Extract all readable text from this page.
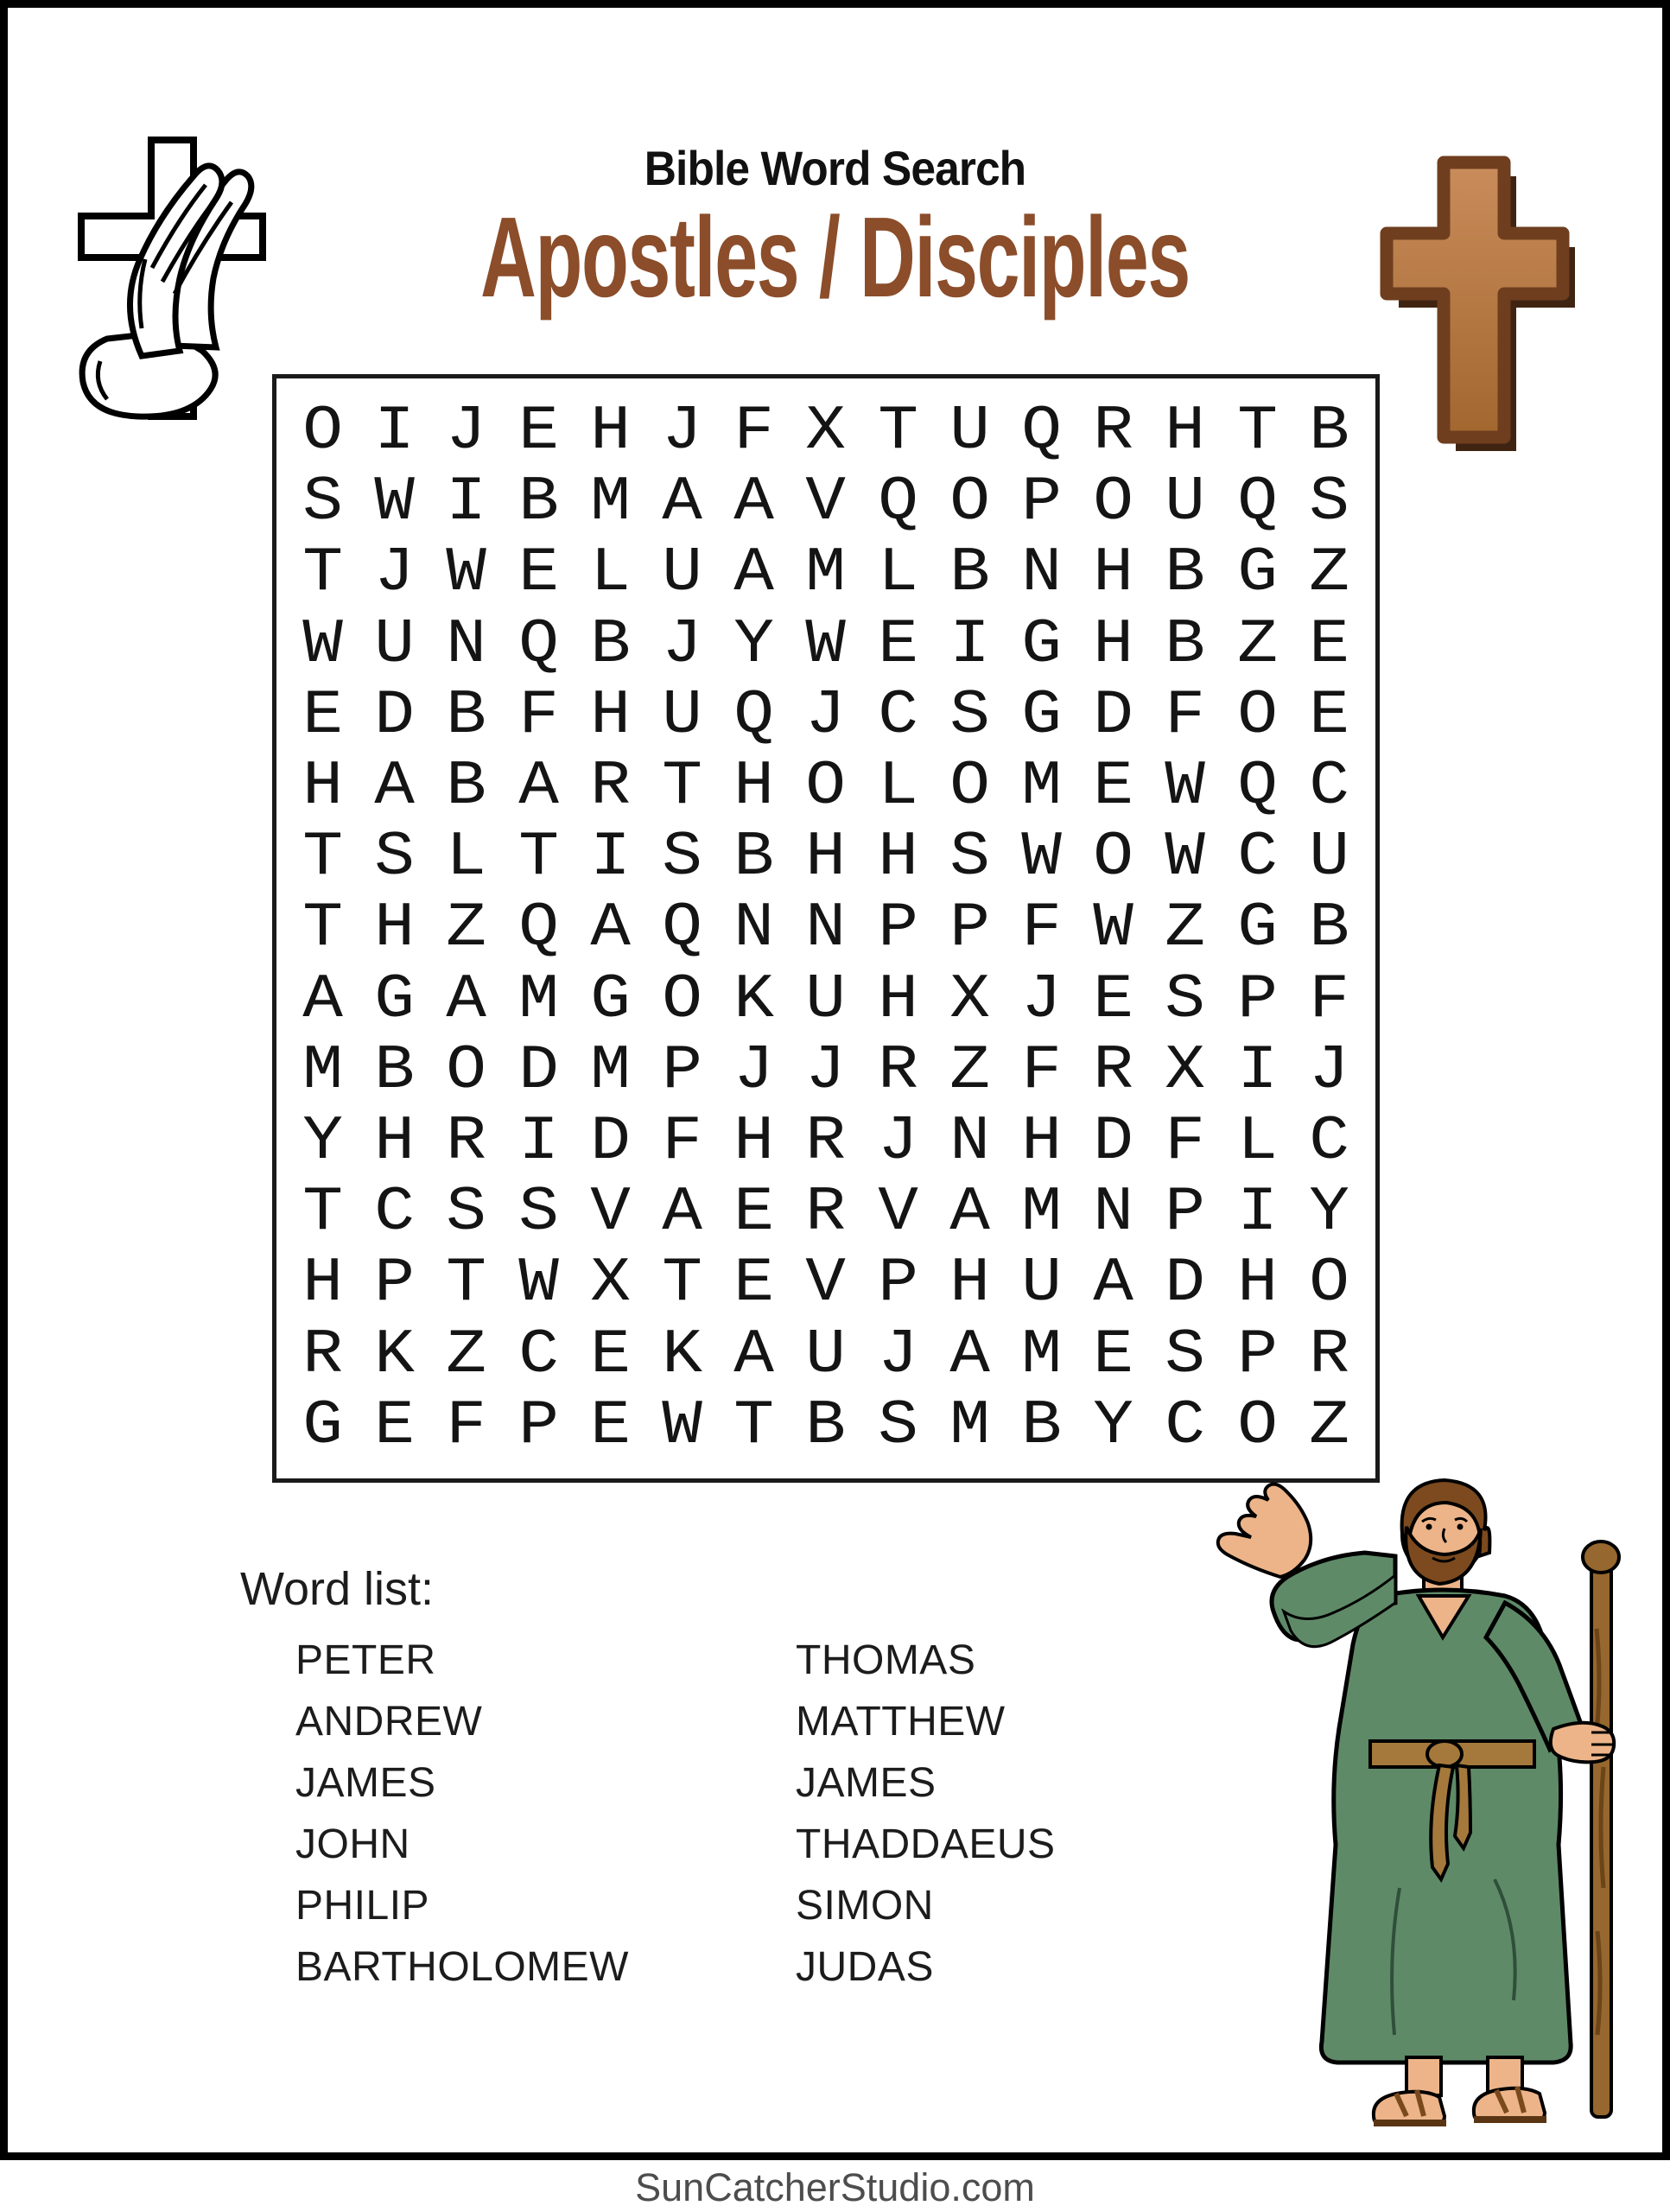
Bible Word Search
Apostles / Disciples
O I J E H J F X T U Q R H T B
S W I B M A A V Q O P O U Q S
T J W E L U A M L B N H B G Z
W U N Q B J Y W E I G H B Z E
E D B F H U Q J C S G D F O E
H A B A R T H O L O M E W Q C
T S L T I S B H H S W O W C U
T H Z Q A Q N N P P F W Z G B
A G A M G O K U H X J E S P F
M B O D M P J J R Z F R X I J
Y H R I D F H R J N H D F L C
T C S S V A E R V A M N P I Y
H P T W X T E V P H U A D H O
R K Z C E K A U J A M E S P R
G E F P E W T B S M B Y C O Z
Word list:
PETER
ANDREW
JAMES
JOHN
PHILIP
BARTHOLOMEW
THOMAS
MATTHEW
JAMES
THADDAEUS
SIMON
JUDAS
SunCatcherStudio.com
